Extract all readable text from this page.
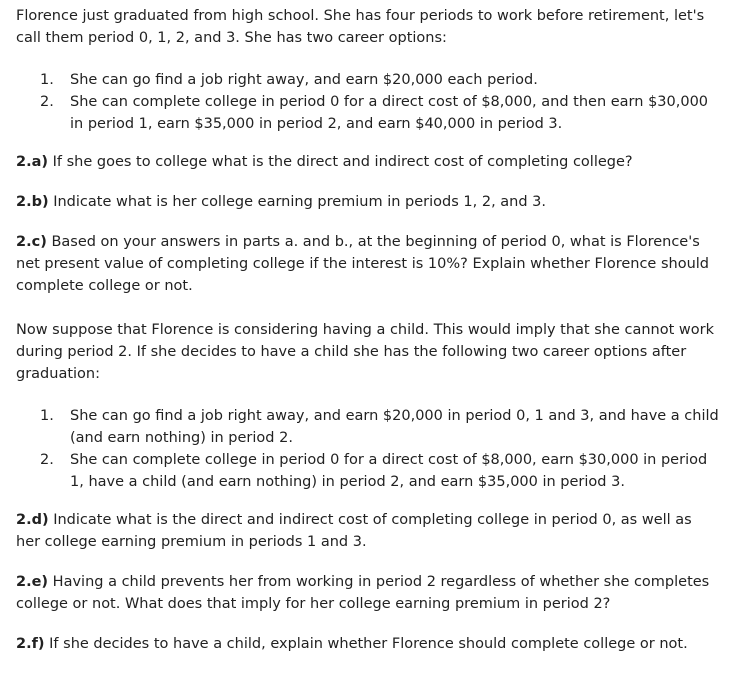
Florence just graduated from high school. She has four periods to work before retirement, let's call them period 0, 1, 2, and 3. She has two career options:

1. She can go find a job right away, and earn $20,000 each period.
2. She can complete college in period 0 for a direct cost of $8,000, and then earn $30,000 in period 1, earn $35,000 in period 2, and earn $40,000 in period 3.

2.a) If she goes to college what is the direct and indirect cost of completing college?

2.b) Indicate what is her college earning premium in periods 1, 2, and 3.

2.c) Based on your answers in parts a. and b., at the beginning of period 0, what is Florence's net present value of completing college if the interest is 10%? Explain whether Florence should complete college or not.

Now suppose that Florence is considering having a child. This would imply that she cannot work during period 2. If she decides to have a child she has the following two career options after graduation:

1. She can go find a job right away, and earn $20,000 in period 0, 1 and 3, and have a child (and earn nothing) in period 2.
2. She can complete college in period 0 for a direct cost of $8,000, earn $30,000 in period 1, have a child (and earn nothing) in period 2, and earn $35,000 in period 3.

2.d) Indicate what is the direct and indirect cost of completing college in period 0, as well as her college earning premium in periods 1 and 3.

2.e) Having a child prevents her from working in period 2 regardless of whether she completes college or not. What does that imply for her college earning premium in period 2?

2.f) If she decides to have a child, explain whether Florence should complete college or not.
